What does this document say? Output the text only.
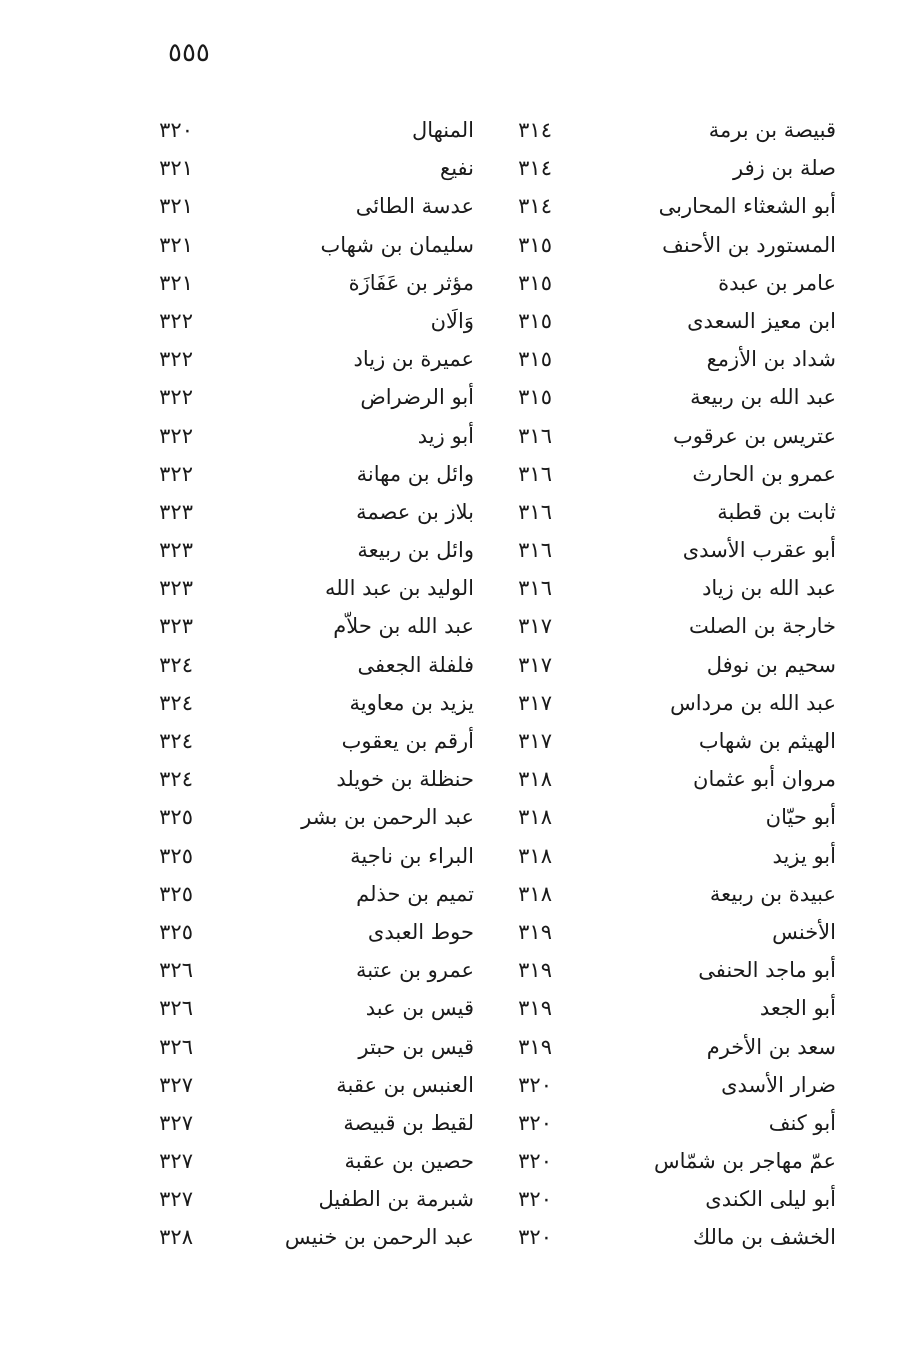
٥٥٥
قبيصة بن برمة
٣١٤
المنهال
٣٢٠
صلة بن زفر
٣١٤
نفيع
٣٢١
أبو الشعثاء المحاربى
٣١٤
عدسة الطائى
٣٢١
المستورد بن الأحنف
٣١٥
سليمان بن شهاب
٣٢١
عامر بن عبدة
٣١٥
مؤثر بن عَفَازَة
٣٢١
ابن معيز السعدى
٣١٥
وَالَان
٣٢٢
شداد بن الأزمع
٣١٥
عميرة بن زياد
٣٢٢
عبد الله بن ربيعة
٣١٥
أبو الرضراض
٣٢٢
عتريس بن عرقوب
٣١٦
أبو زيد
٣٢٢
عمرو بن الحارث
٣١٦
وائل بن مهانة
٣٢٢
ثابت بن قطبة
٣١٦
بلاز بن عصمة
٣٢٣
أبو عقرب الأسدى
٣١٦
وائل بن ربيعة
٣٢٣
عبد الله بن زياد
٣١٦
الوليد بن عبد الله
٣٢٣
خارجة بن الصلت
٣١٧
عبد الله بن حلاّم
٣٢٣
سحيم بن نوفل
٣١٧
فلفلة الجعفى
٣٢٤
عبد الله بن مرداس
٣١٧
يزيد بن معاوية
٣٢٤
الهيثم بن شهاب
٣١٧
أرقم بن يعقوب
٣٢٤
مروان أبو عثمان
٣١٨
حنظلة بن خويلد
٣٢٤
أبو حيّان
٣١٨
عبد الرحمن بن بشر
٣٢٥
أبو يزيد
٣١٨
البراء بن ناجية
٣٢٥
عبيدة بن ربيعة
٣١٨
تميم بن حذلم
٣٢٥
الأخنس
٣١٩
حوط العبدى
٣٢٥
أبو ماجد الحنفى
٣١٩
عمرو بن عتبة
٣٢٦
أبو الجعد
٣١٩
قيس بن عبد
٣٢٦
سعد بن الأخرم
٣١٩
قيس بن حبتر
٣٢٦
ضرار الأسدى
٣٢٠
العنبس بن عقبة
٣٢٧
أبو كنف
٣٢٠
لقيط بن قبيصة
٣٢٧
عمّ مهاجر بن شمّاس
٣٢٠
حصين بن عقبة
٣٢٧
أبو ليلى الكندى
٣٢٠
شبرمة بن الطفيل
٣٢٧
الخشف بن مالك
٣٢٠
عبد الرحمن بن خنيس
٣٢٨
